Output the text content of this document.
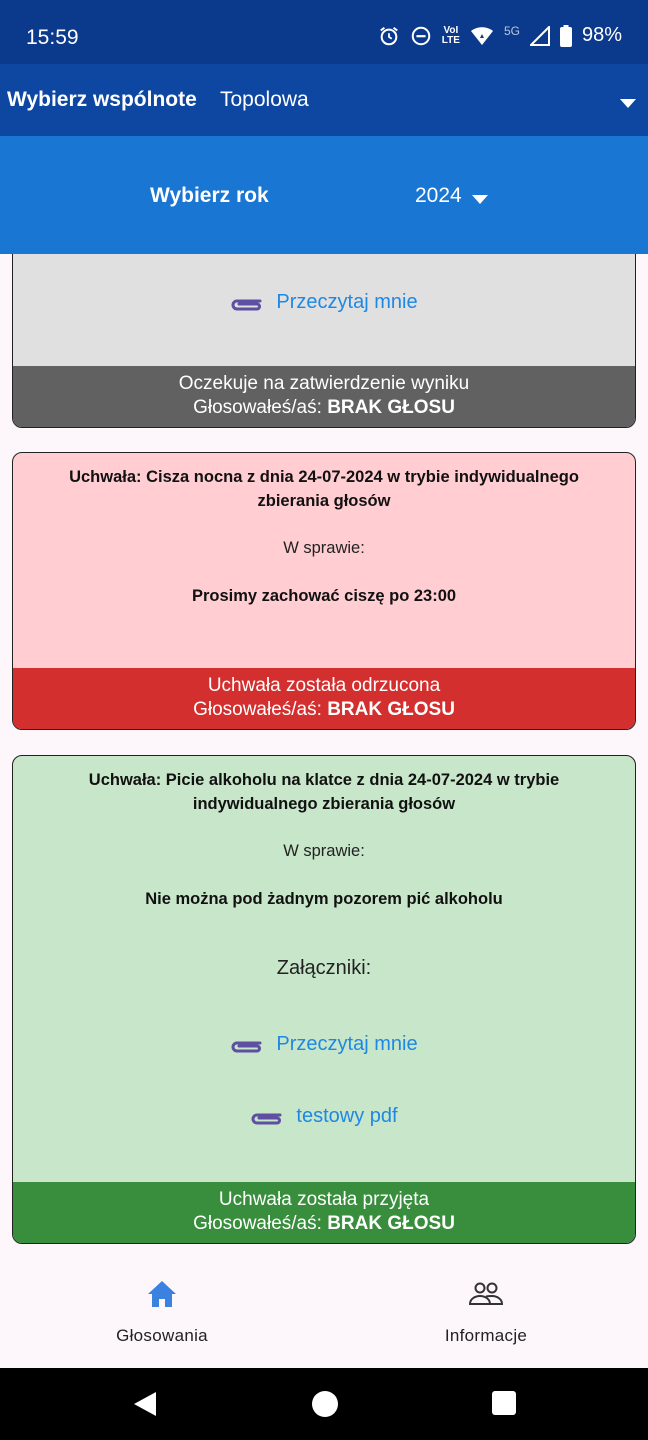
15:59	VoI
LTE
5G	98%
Wybierz wspólnote Topolowa
Wybierz rok	2024
Przeczytaj mnie
Oczekuje na zatwierdzenie wyniku
Głosowałeś/aś: BRAK GŁOSU
Uchwała: Cisza nocna z dnia 24-07-2024 w trybie indywidualnego zbierania głosów
W sprawie:
Prosimy zachować ciszę po 23:00
Uchwała została odrzucona
Głosowałeś/aś: BRAK GŁOSU
Uchwała: Picie alkoholu na klatce z dnia 24-07-2024 w trybie indywidualnego zbierania głosów
W sprawie:
Nie można pod żadnym pozorem pić alkoholu
Załączniki:
Przeczytaj mnie
testowy pdf
Uchwała została przyjęta
Głosowałeś/aś: BRAK GŁOSU
Głosowania	Informacje
